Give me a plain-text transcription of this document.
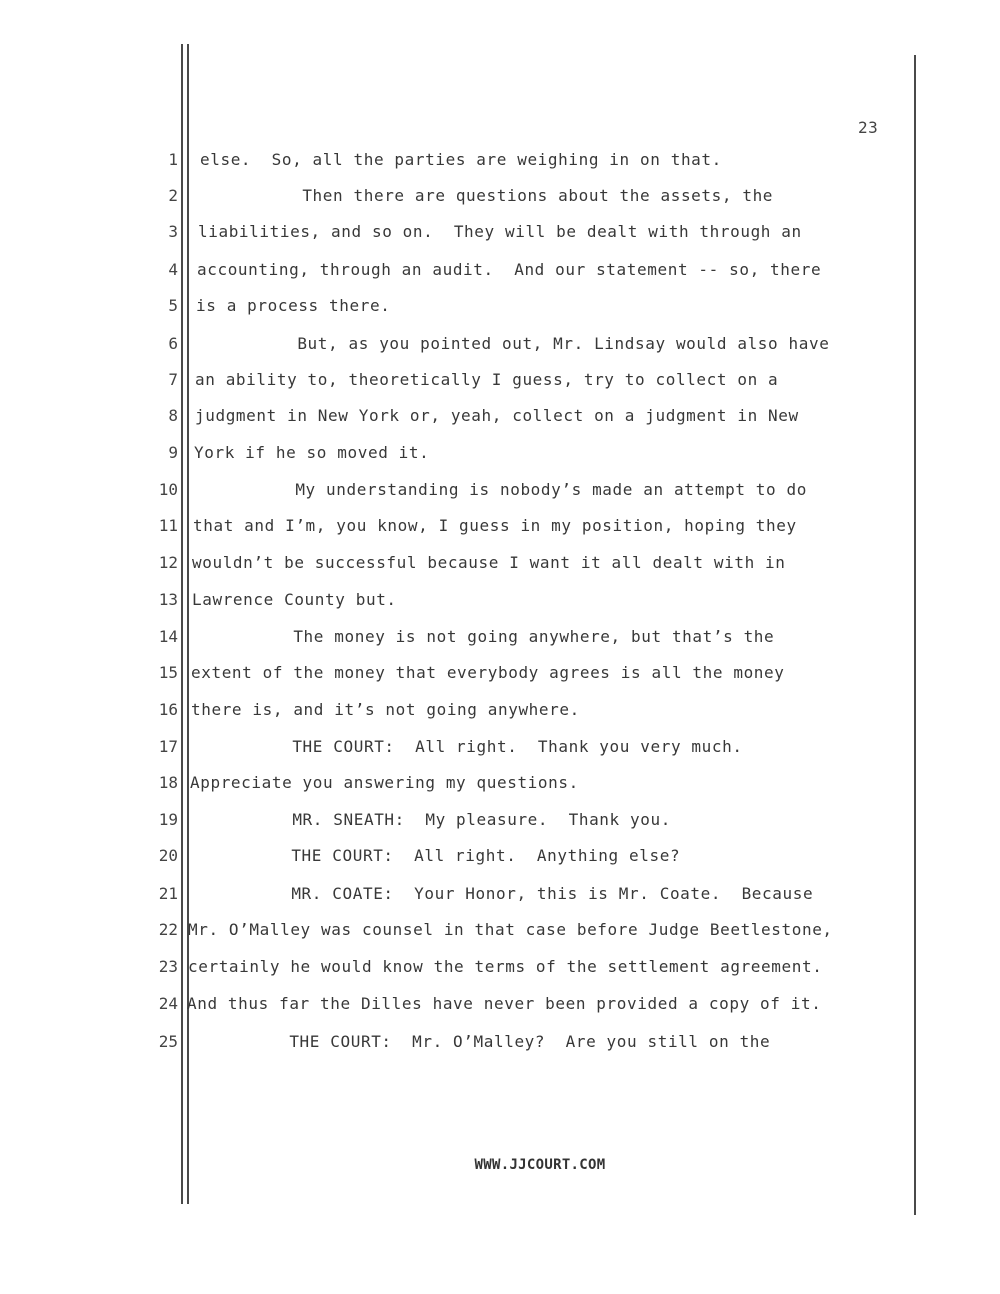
23
1 else.  So, all the parties are weighing in on that.
2 Then there are questions about the assets, the
3 liabilities, and so on.  They will be dealt with through an
4 accounting, through an audit.  And our statement -- so, there
5 is a process there.
6 But, as you pointed out, Mr. Lindsay would also have
7 an ability to, theoretically I guess, try to collect on a
8 judgment in New York or, yeah, collect on a judgment in New
9 York if he so moved it.
10 My understanding is nobody’s made an attempt to do
11 that and I’m, you know, I guess in my position, hoping they
12 wouldn’t be successful because I want it all dealt with in
13 Lawrence County but.
14 The money is not going anywhere, but that’s the
15 extent of the money that everybody agrees is all the money
16 there is, and it’s not going anywhere.
17 THE COURT:  All right.  Thank you very much.
18 Appreciate you answering my questions.
19 MR. SNEATH:  My pleasure.  Thank you.
20 THE COURT:  All right.  Anything else?
21 MR. COATE:  Your Honor, this is Mr. Coate.  Because
22 Mr. O’Malley was counsel in that case before Judge Beetlestone,
23 certainly he would know the terms of the settlement agreement.
24 And thus far the Dilles have never been provided a copy of it.
25 THE COURT:  Mr. O’Malley?  Are you still on the
WWW.JJCOURT.COM
